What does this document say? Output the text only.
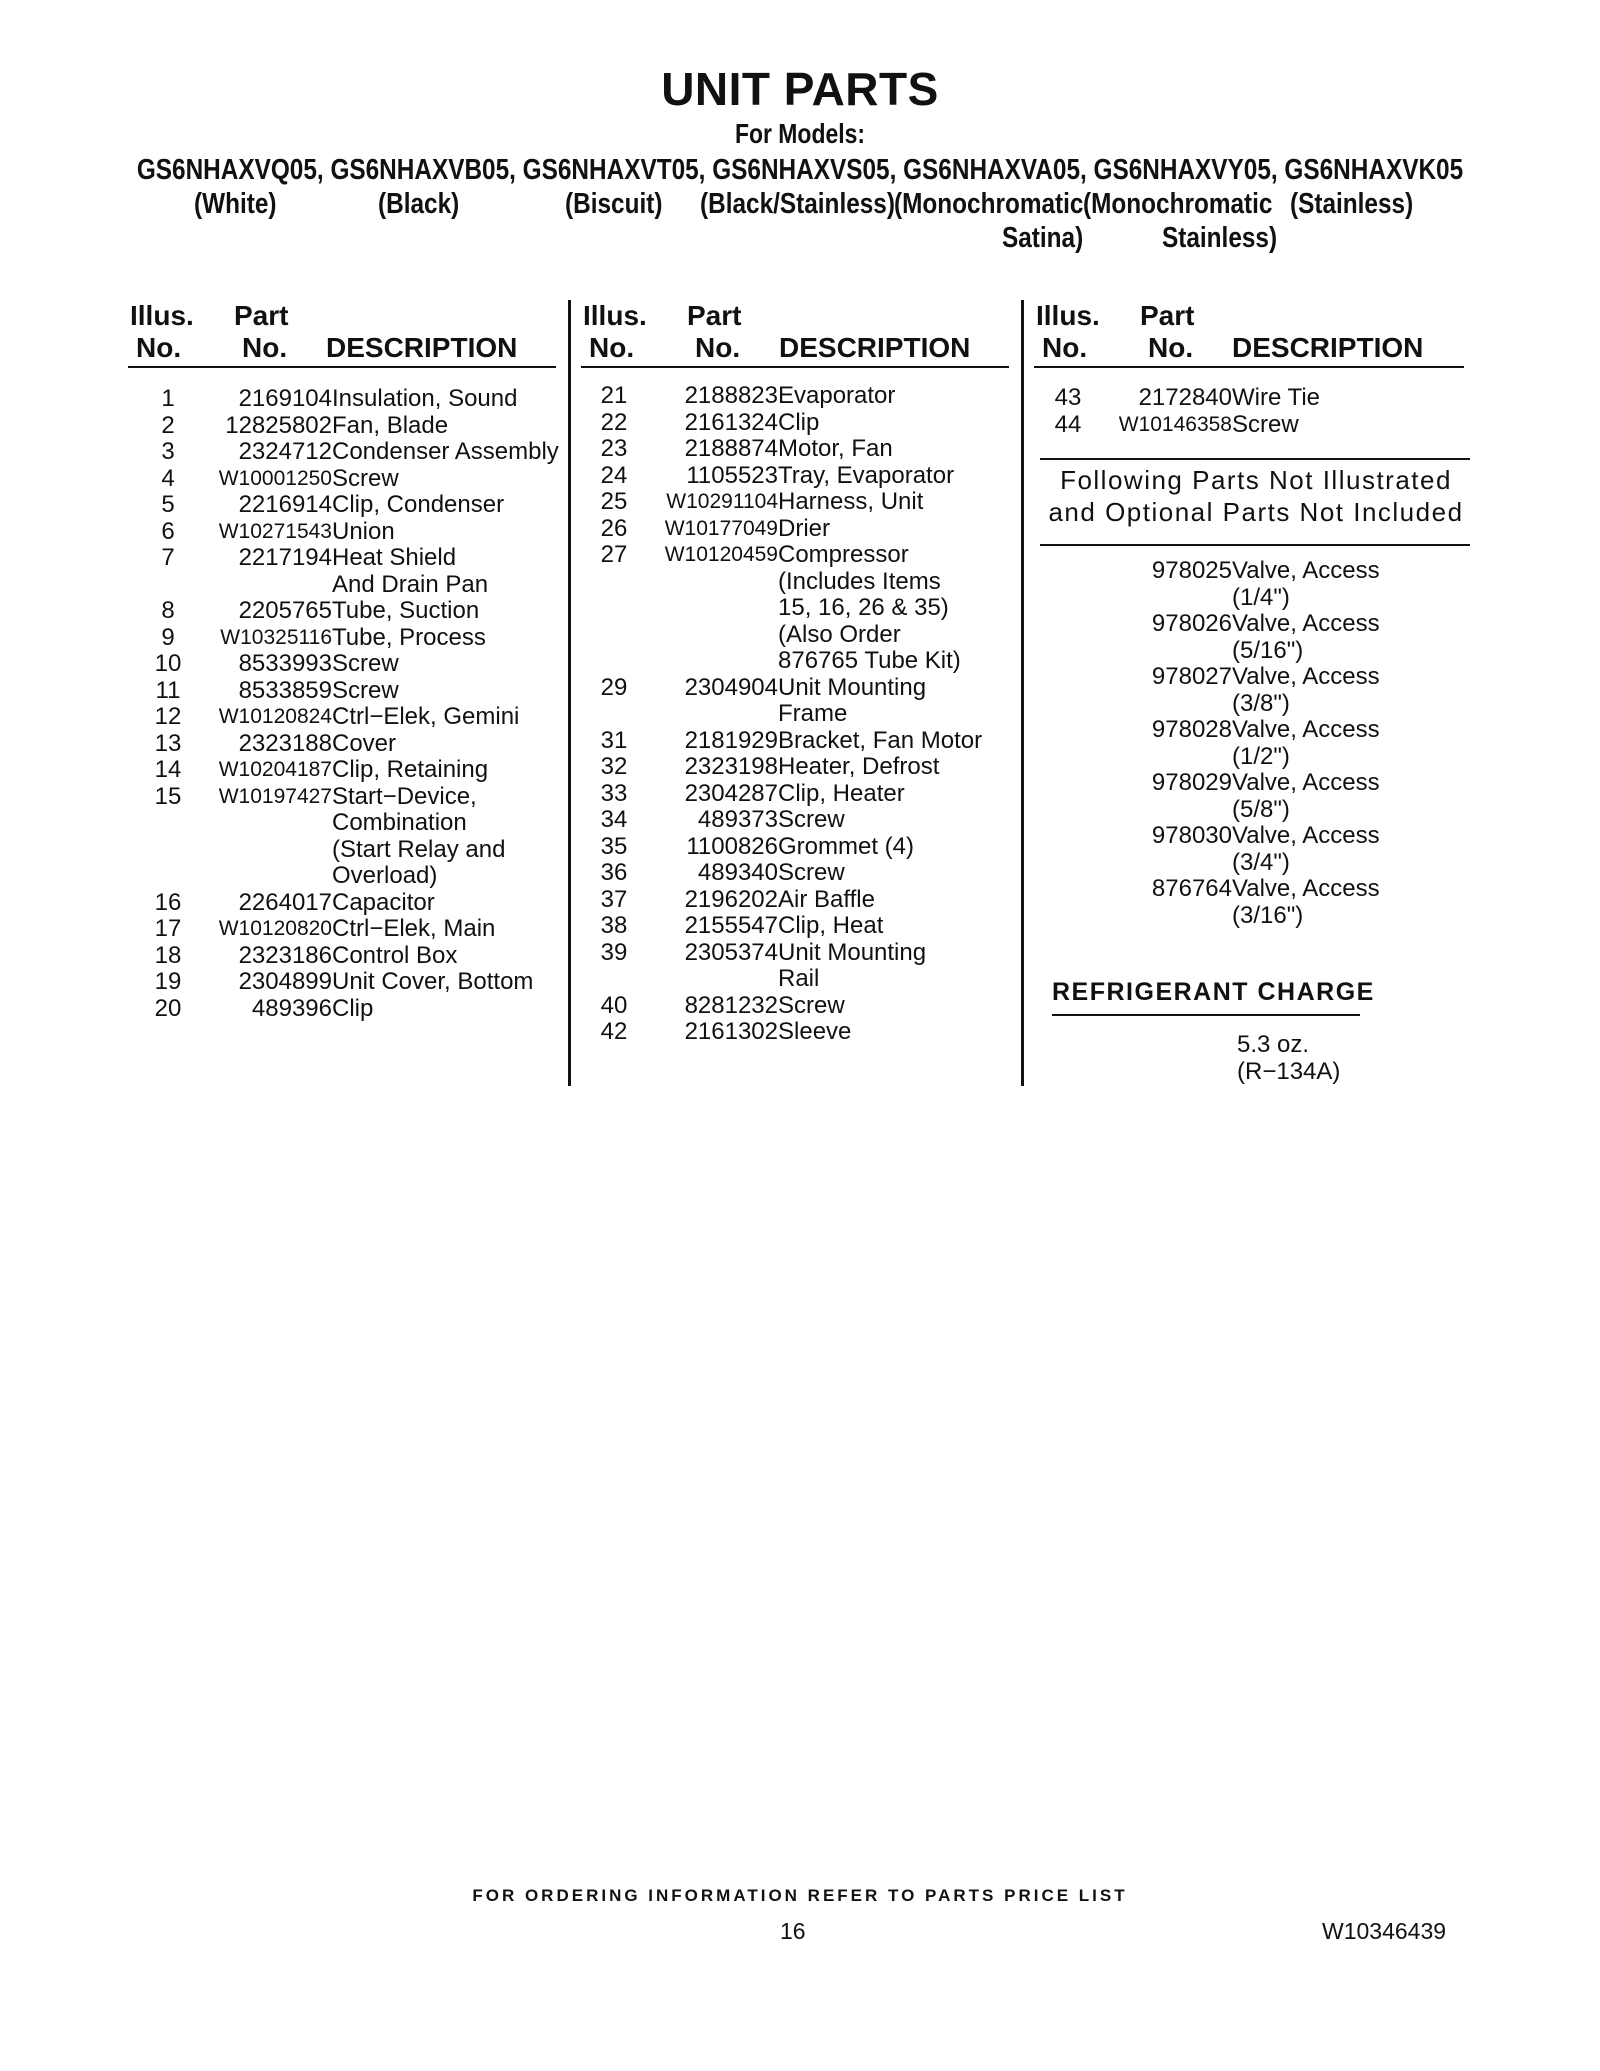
UNIT PARTS
For Models:
GS6NHAXVQ05, GS6NHAXVB05, GS6NHAXVT05, GS6NHAXVS05, GS6NHAXVA05, GS6NHAXVY05, GS6NHAXVK05
(White)	(Black)	(Biscuit) (Black/Stainless) (Monochromatic
Satina)
(Monochromatic
Stainless)
(Stainless)
Illus.
No.
Part
No. DESCRIPTION
Illus.
No.
Part
No. DESCRIPTION
Illus.
No.
Part
No. DESCRIPTION
1	2169104 Insulation, Sound
2	12825802 Fan, Blade
3	2324712 Condenser Assembly
4	W10001250 Screw
5	2216914 Clip, Condenser
6	W10271543 Union
7	2217194 Heat Shield
And Drain Pan
8	2205765 Tube, Suction
9	W10325116 Tube, Process
10	8533993 Screw
11	8533859 Screw
12	W10120824 Ctrl−Elek, Gemini
13	2323188 Cover
14	W10204187 Clip, Retaining
15	W10197427 Start−Device,
Combination
(Start Relay and
Overload)
16	2264017 Capacitor
17	W10120820 Ctrl−Elek, Main
18	2323186 Control Box
19	2304899 Unit Cover, Bottom
20	489396 Clip
21	2188823 Evaporator
22	2161324 Clip
23	2188874 Motor, Fan
24	1105523 Tray, Evaporator
25	W10291104 Harness, Unit
26	W10177049 Drier
27	W10120459 Compressor
(Includes Items
15, 16, 26 & 35)
(Also Order
876765 Tube Kit)
29	2304904 Unit Mounting
Frame
31	2181929 Bracket, Fan Motor
32	2323198 Heater, Defrost
33	2304287 Clip, Heater
34	489373 Screw
35	1100826 Grommet (4)
36	489340 Screw
37	2196202 Air Baffle
38	2155547 Clip, Heat
39	2305374 Unit Mounting
Rail
40	8281232 Screw
42	2161302 Sleeve
43	2172840 Wire Tie
44	W10146358 Screw
Following Parts Not Illustrated
and Optional Parts Not Included
978025 Valve, Access
(1/4")
978026 Valve, Access
(5/16")
978027 Valve, Access
(3/8")
978028 Valve, Access
(1/2")
978029 Valve, Access
(5/8")
978030 Valve, Access
(3/4")
876764 Valve, Access
(3/16")
REFRIGERANT CHARGE
5.3 oz.
(R−134A)
FOR ORDERING INFORMATION REFER TO PARTS PRICE LIST
16	W10346439
